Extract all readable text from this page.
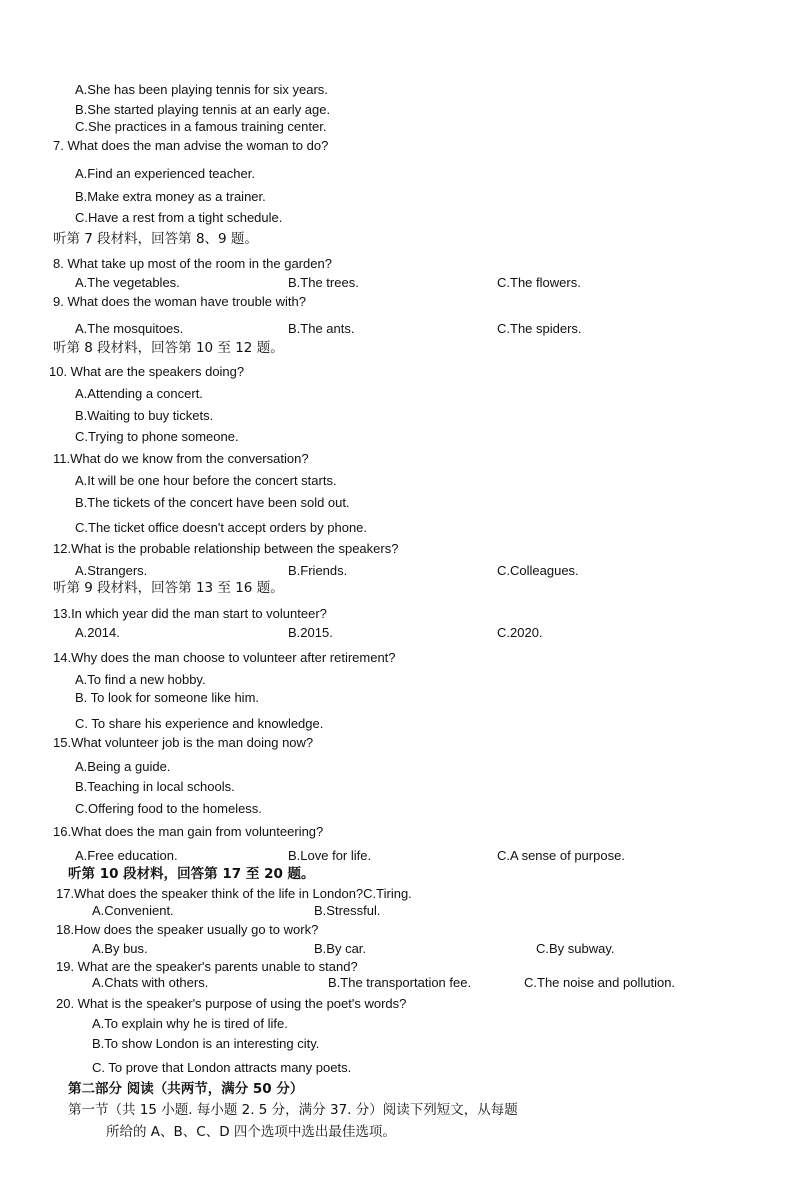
A.She has been playing tennis for six years.
B.She started playing tennis at an early age.
C.She practices in a famous training center.
7. What does the man advise the woman to do?
A.Find an experienced teacher.
B.Make extra money as a trainer.
C.Have a rest from a tight schedule.
听第 7 段材料，回答第 8、9 题。
8. What take up most of the room in the garden?
A.The vegetables.	B.The trees.	C.The flowers.
9. What does the woman have trouble with?
A.The mosquitoes.	B.The ants.	C.The spiders.
听第 8 段材料，回答第 10 至 12 题。
10. What are the speakers doing?
A.Attending a concert.
B.Waiting to buy tickets.
C.Trying to phone someone.
11.What do we know from the conversation?
A.It will be one hour before the concert starts.
B.The tickets of the concert have been sold out.
C.The ticket office doesn't accept orders by phone.
12.What is the probable relationship between the speakers?
A.Strangers.	B.Friends.	C.Colleagues.
听第 9 段材料，回答第 13 至 16 题。
13.In which year did the man start to volunteer?
A.2014.	B.2015.	C.2020.
14.Why does the man choose to volunteer after retirement?
A.To find a new hobby.
B. To look for someone like him.
C. To share his experience and knowledge.
15.What volunteer job is the man doing now?
A.Being a guide.
B.Teaching in local schools.
C.Offering food to the homeless.
16.What does the man gain from volunteering?
A.Free education.	B.Love for life.	C.A sense of purpose.
听第 10 段材料，回答第 17 至 20 题。
17.What does the speaker think of the life in London?C.Tiring.
A.Convenient.	B.Stressful.
18.How does the speaker usually go to work?
A.By bus.	B.By car.	C.By subway.
19. What are the speaker's parents unable to stand?
A.Chats with others.	B.The transportation fee.	C.The noise and pollution.
20. What is the speaker's purpose of using the poet's words?
A.To explain why he is tired of life.
B.To show London is an interesting city.
C. To prove that London attracts many poets.
第二部分 阅读（共两节，满分 50 分）
第一节（共 15 小题. 每小题 2. 5 分，满分 37. 分）阅读下列短文，从每题
所给的 A、B、C、D 四个选项中选出最佳选项。
